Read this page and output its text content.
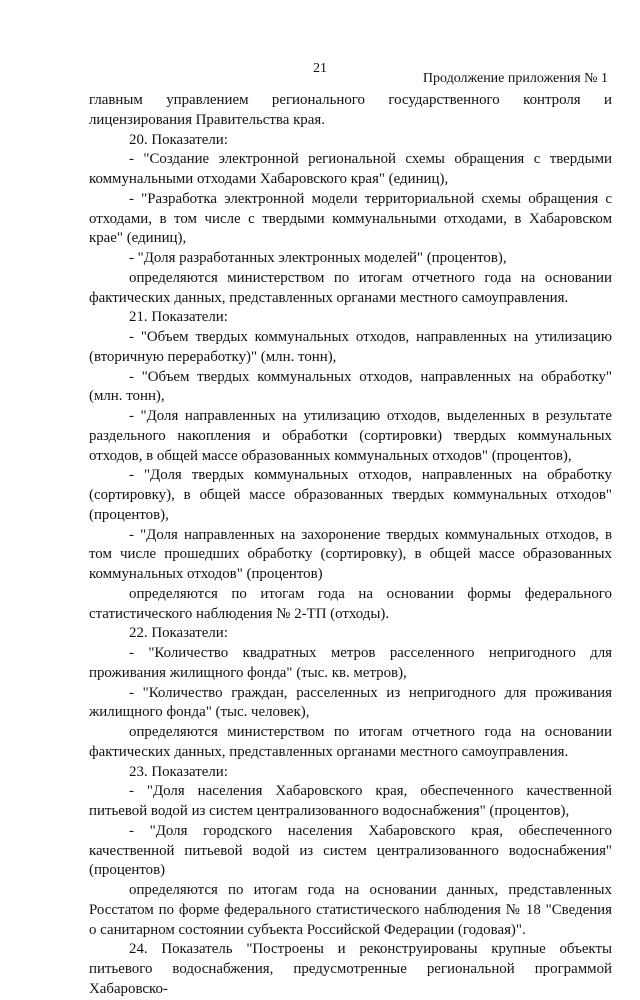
21
Продолжение приложения № 1

главным управлением регионального государственного контроля и лицензирования Правительства края.

20. Показатели:

- "Создание электронной региональной схемы обращения с твердыми коммунальными отходами Хабаровского края" (единиц),

- "Разработка электронной модели территориальной схемы обращения с отходами, в том числе с твердыми коммунальными отходами, в Хабаровском крае" (единиц),

- "Доля разработанных электронных моделей" (процентов),

определяются министерством по итогам отчетного года на основании фактических данных, представленных органами местного самоуправления.

21. Показатели:

- "Объем твердых коммунальных отходов, направленных на утилизацию (вторичную переработку)" (млн. тонн),

- "Объем твердых коммунальных отходов, направленных на обработку" (млн. тонн),

- "Доля направленных на утилизацию отходов, выделенных в результате раздельного накопления и обработки (сортировки) твердых коммунальных отходов, в общей массе образованных коммунальных отходов" (процентов),

- "Доля твердых коммунальных отходов, направленных на обработку (сортировку), в общей массе образованных твердых коммунальных отходов" (процентов),

- "Доля направленных на захоронение твердых коммунальных отходов, в том числе прошедших обработку (сортировку), в общей массе образованных коммунальных отходов" (процентов)

определяются по итогам года на основании формы федерального статистического наблюдения № 2-ТП (отходы).

22. Показатели:

- "Количество квадратных метров расселенного непригодного для проживания жилищного фонда" (тыс. кв. метров),

- "Количество граждан, расселенных из непригодного для проживания жилищного фонда" (тыс. человек),

определяются министерством по итогам отчетного года на основании фактических данных, представленных органами местного самоуправления.

23. Показатели:

- "Доля населения Хабаровского края, обеспеченного качественной питьевой водой из систем централизованного водоснабжения" (процентов),

- "Доля городского населения Хабаровского края, обеспеченного качественной питьевой водой из систем централизованного водоснабжения" (процентов)

определяются по итогам года на основании данных, представленных Росстатом по форме федерального статистического наблюдения № 18 "Сведения о санитарном состоянии субъекта Российской Федерации (годовая)".

24. Показатель "Построены и реконструированы крупные объекты питьевого водоснабжения, предусмотренные региональной программой Хабаровско-
